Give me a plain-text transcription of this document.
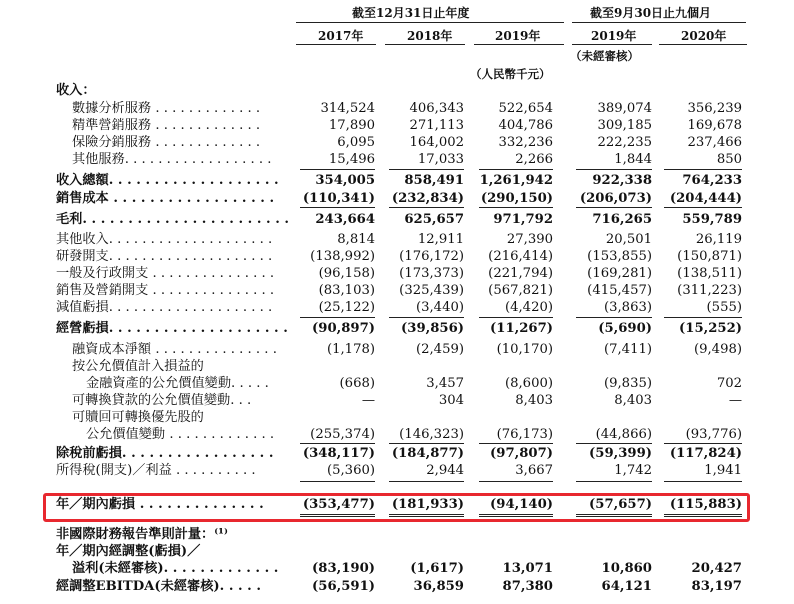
截至12月31日止年度	截至9月30日止九個月
2017年	2018年	2019年	2019年	2020年
（未經審核）
（人民幣千元）
收入：
數據分析服務 . . . . . . . . . . . . .	314,524	406,343	522,654	389,074	356,239
精準營銷服務 . . . . . . . . . . . . .	17,890	271,113	404,786	309,185	169,678
保險分銷服務 . . . . . . . . . . . . .	6,095	164,002	332,236	222,235	237,466
其他服務. . . . . . . . . . . . . . . . . .	15,496	17,033	2,266	1,844	850
收入總額. . . . . . . . . . . . . . . . . . .	354,005 858,491 1,261,942	922,338 764,233
銷售成本 . . . . . . . . . . . . . . . . . .	(110,341) (232,834) (290,150) (206,073) (204,444)
毛利. . . . . . . . . . . . . . . . . . . . . . . 243,664 625,657 971,792	716,265 559,789
其他收入. . . . . . . . . . . . . . . . . . . .	8,814	12,911	27,390	20,501	26,119
研發開支. . . . . . . . . . . . . . . . . . . .	(138,992) (176,172) (216,414)	(153,855) (150,871)
一般及行政開支 . . . . . . . . . . . . . . .	(96,158) (173,373) (221,794)	(169,281) (138,511)
銷售及營銷開支 . . . . . . . . . . . . . . .	(83,103) (325,439) (567,821)	(415,457) (311,223)
減值虧損. . . . . . . . . . . . . . . . . . . .	(25,122)	(3,440)	(4,420)	(3,863)	(555)
經營虧損. . . . . . . . . . . . . . . . . . . . (90,897) (39,856) (11,267)	(5,690) (15,252)
融資成本淨額 . . . . . . . . . . . . . . .	(1,178)	(2,459) (10,170)	(7,411)	(9,498)
按公允價值計入損益的
金融資產的公允價值變動. . . . .	(668)	3,457	(8,600)	(9,835)	702
可轉換貸款的公允價值變動. . .	—	304	8,403	8,403	—
可贖回可轉換優先股的
公允價值變動 . . . . . . . . . . . . .	(255,374) (146,323) (76,173)	(44,866)	(93,776)
除稅前虧損. . . . . . . . . . . . . . . . .	(348,117) (184,877) (97,807)	(59,399) (117,824)
所得稅(開支)／利益 . . . . . . . . . .	(5,360)	2,944	3,667	1,742	1,941
年／期內虧損 . . . . . . . . . . . . . .	(353,477) (181,933) (94,140)	(57,657) (115,883)
非國際財務報告準則計量：⁽¹⁾
年／期內經調整(虧損)／
溢利(未經審核). . . . . . . . . . . . .	(83,190)	(1,617)	13,071	10,860	20,427
經調整EBITDA(未經審核). . . . .	(56,591)	36,859	87,380	64,121	83,197
